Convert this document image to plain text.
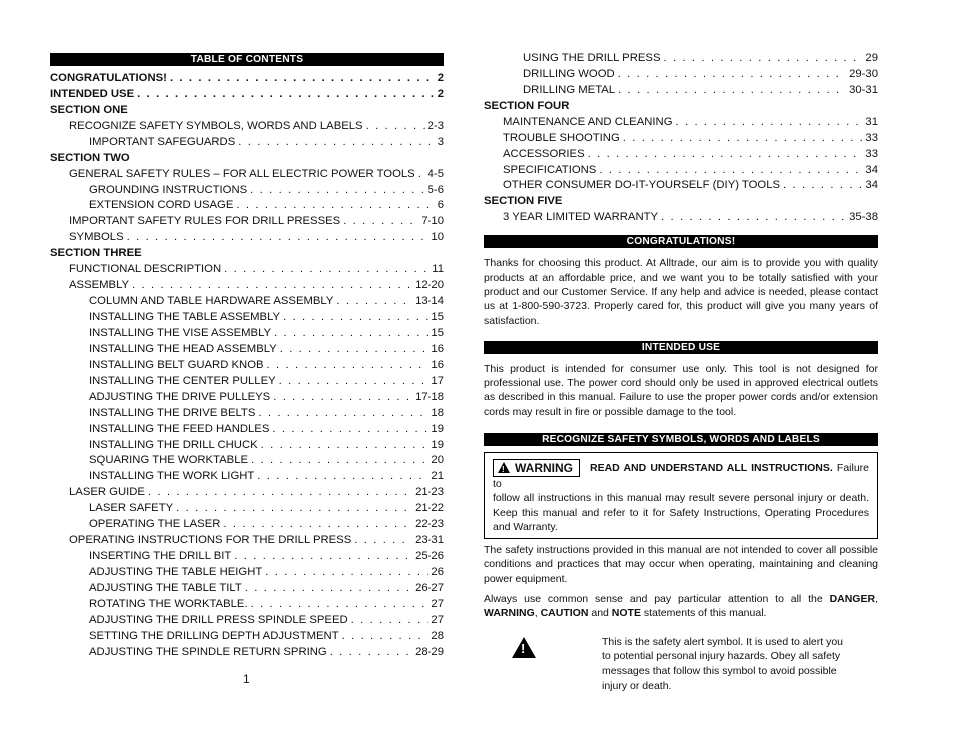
TABLE OF CONTENTS
CONGRATULATIONS! . . .	2
INTENDED USE . . .	2
SECTION ONE
RECOGNIZE SAFETY SYMBOLS, WORDS AND LABELS . . .	2-3
IMPORTANT SAFEGUARDS . . .	3
SECTION TWO
GENERAL SAFETY RULES – FOR ALL ELECTRIC POWER TOOLS . . . 4-5
GROUNDING INSTRUCTIONS . . .	5-6
EXTENSION CORD USAGE . . .	6
IMPORTANT SAFETY RULES FOR DRILL PRESSES . . .	7-10
SYMBOLS . . .	10
SECTION THREE
FUNCTIONAL DESCRIPTION . . .	11
ASSEMBLY . . .	12-20
COLUMN AND TABLE HARDWARE ASSEMBLY . . .	13-14
INSTALLING THE TABLE ASSEMBLY . . .	15
INSTALLING THE VISE ASSEMBLY . . .	15
INSTALLING THE HEAD ASSEMBLY . . .	16
INSTALLING BELT GUARD KNOB . . .	16
INSTALLING THE CENTER PULLEY . . .	17
ADJUSTING THE DRIVE PULLEYS . . .	17-18
INSTALLING THE DRIVE BELTS . . .	18
INSTALLING THE FEED HANDLES . . .	19
INSTALLING THE DRILL CHUCK . . .	19
SQUARING THE WORKTABLE . . .	20
INSTALLING THE WORK LIGHT . . .	21
LASER GUIDE . . .	21-23
LASER SAFETY . . .	21-22
OPERATING THE LASER . . .	22-23
OPERATING INSTRUCTIONS FOR THE DRILL PRESS . . .	23-31
INSERTING THE DRILL BIT . . .	25-26
ADJUSTING THE TABLE HEIGHT . . .	26
ADJUSTING THE TABLE TILT . . .	26-27
ROTATING THE WORKTABLE. . . .	27
ADJUSTING THE DRILL PRESS SPINDLE SPEED . . .	27
SETTING THE DRILLING DEPTH ADJUSTMENT . . .	28
ADJUSTING THE SPINDLE RETURN SPRING . . .	28-29
1
USING THE DRILL PRESS . . .	29
DRILLING WOOD . . .	29-30
DRILLING METAL . . .	30-31
SECTION FOUR
MAINTENANCE AND CLEANING . . .	31
TROUBLE SHOOTING . . .	33
ACCESSORIES . . .	33
SPECIFICATIONS . . .	34
OTHER CONSUMER DO-IT-YOURSELF (DIY) TOOLS . . .	34
SECTION FIVE
3 YEAR LIMITED WARRANTY . . .	35-38
CONGRATULATIONS!

Thanks for choosing this product. At Alltrade, our aim is to provide you with quality products at an affordable price, and we want you to be totally satisfied with your product and our Customer Service. If any help and advice is needed, please contact us at 1-800-590-3723. Properly cared for, this product will give you many years of satisfaction.

INTENDED USE

This product is intended for consumer use only. This tool is not designed for professional use. The power cord should only be used in approved electrical outlets as described in this manual. Failure to use the proper power cords and/or extension cords may result in fire or possible damage to the tool.

RECOGNIZE SAFETY SYMBOLS, WORDS AND LABELS

!
WARNING READ AND UNDERSTAND ALL INSTRUCTIONS. Failure to
follow all instructions in this manual may result severe personal injury or death. Keep this manual and refer to it for Safety Instructions, Operating Procedures and Warranty.

The safety instructions provided in this manual are not intended to cover all possible conditions and practices that may occur when operating, maintaining and cleaning power equipment.

Always use common sense and pay particular attention to all the DANGER, WARNING, CAUTION and NOTE statements of this manual.

!

This is the safety alert symbol. It is used to alert you to potential personal injury hazards. Obey all safety messages that follow this symbol to avoid possible injury or death.
